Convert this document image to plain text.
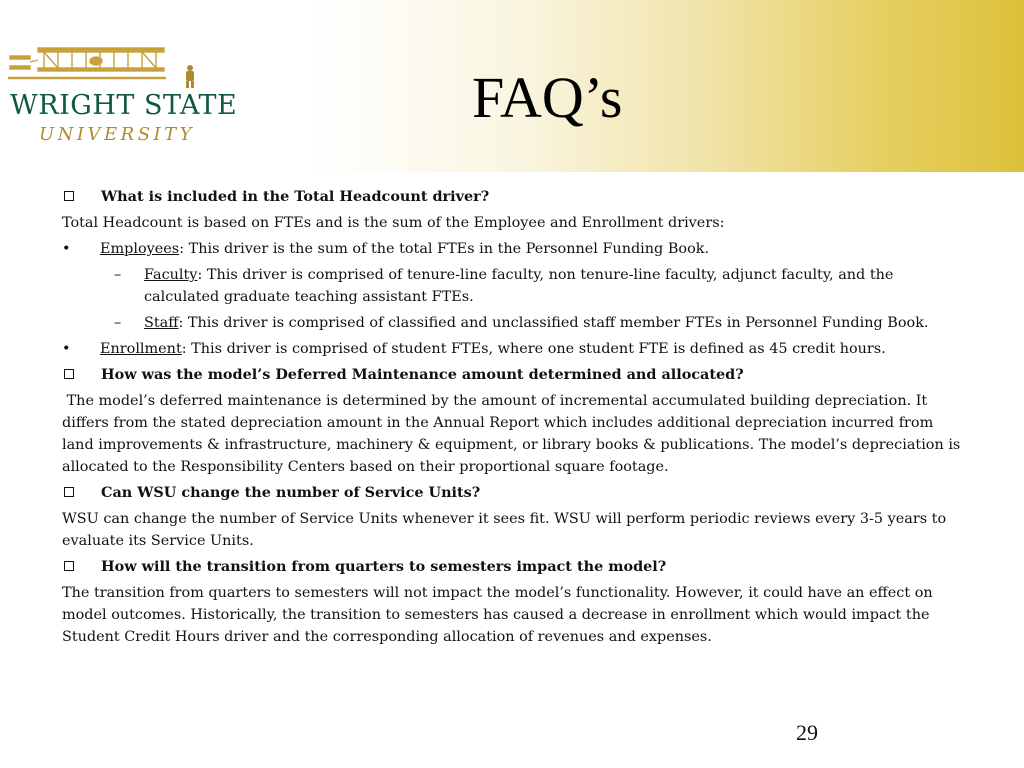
WRIGHT STATE
UNIVERSITY
FAQ’s
What is included in the Total Headcount driver?
Total Headcount is based on FTEs and is the sum of the Employee and Enrollment drivers:
•	Employees: This driver is the sum of the total FTEs in the Personnel Funding Book.
–	Faculty: This driver is comprised of tenure-line faculty, non tenure-line faculty, adjunct faculty, and the calculated graduate teaching assistant FTEs.
–	Staff: This driver is comprised of classified and unclassified staff member FTEs in Personnel Funding Book.
•	Enrollment: This driver is comprised of student FTEs, where one student FTE is defined as 45 credit hours.
How was the model’s Deferred Maintenance amount determined and allocated?
The model’s deferred maintenance is determined by the amount of incremental accumulated building depreciation. It differs from the stated depreciation amount in the Annual Report which includes additional depreciation incurred from land improvements & infrastructure, machinery & equipment, or library books & publications. The model’s depreciation is allocated to the Responsibility Centers based on their proportional square footage.
Can WSU change the number of Service Units?
WSU can change the number of Service Units whenever it sees fit. WSU will perform periodic reviews every 3-5 years to evaluate its Service Units.
How will the transition from quarters to semesters impact the model?
The transition from quarters to semesters will not impact the model’s functionality. However, it could have an effect on model outcomes. Historically, the transition to semesters has caused a decrease in enrollment which would impact the Student Credit Hours driver and the corresponding allocation of revenues and expenses.
29
